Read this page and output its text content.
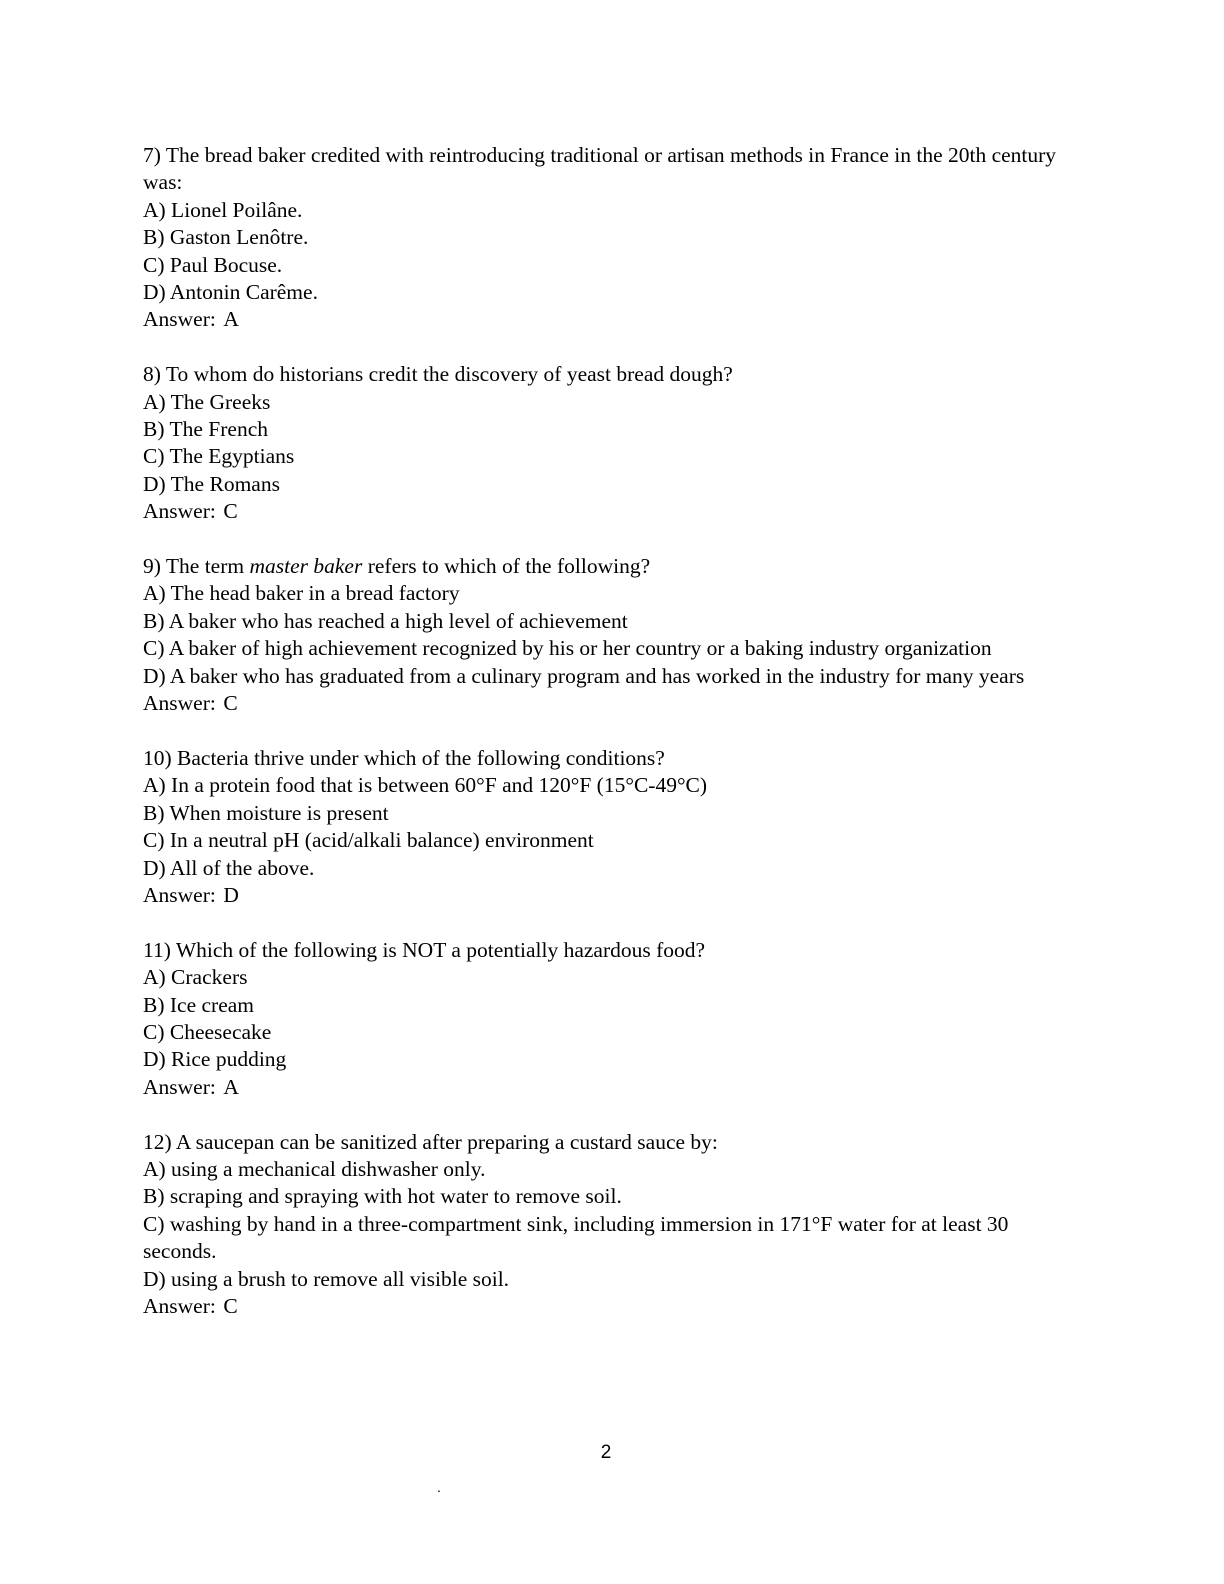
7) The bread baker credited with reintroducing traditional or artisan methods in France in the 20th century was:
A) Lionel Poilâne.
B) Gaston Lenôtre.
C) Paul Bocuse.
D) Antonin Carême.
Answer: A
8) To whom do historians credit the discovery of yeast bread dough?
A) The Greeks
B) The French
C) The Egyptians
D) The Romans
Answer: C
9) The term master baker refers to which of the following?
A) The head baker in a bread factory
B) A baker who has reached a high level of achievement
C) A baker of high achievement recognized by his or her country or a baking industry organization
D) A baker who has graduated from a culinary program and has worked in the industry for many years
Answer: C
10) Bacteria thrive under which of the following conditions?
A) In a protein food that is between 60°F and 120°F (15°C-49°C)
B) When moisture is present
C) In a neutral pH (acid/alkali balance) environment
D) All of the above.
Answer: D
11) Which of the following is NOT a potentially hazardous food?
A) Crackers
B) Ice cream
C) Cheesecake
D) Rice pudding
Answer: A
12) A saucepan can be sanitized after preparing a custard sauce by:
A) using a mechanical dishwasher only.
B) scraping and spraying with hot water to remove soil.
C) washing by hand in a three-compartment sink, including immersion in 171°F water for at least 30 seconds.
D) using a brush to remove all visible soil.
Answer: C
2
.
